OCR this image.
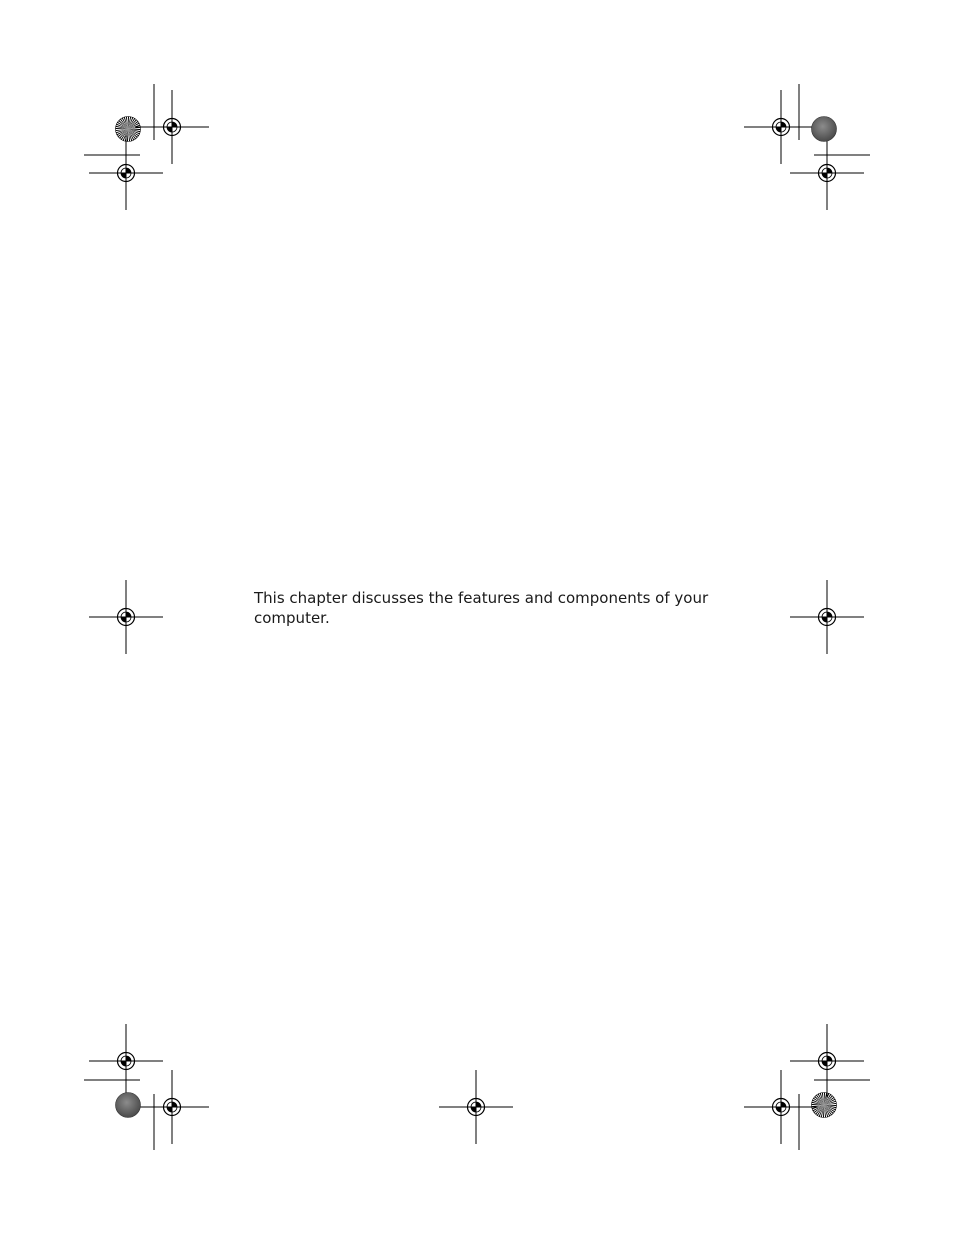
This chapter discusses the features and components of your computer.
